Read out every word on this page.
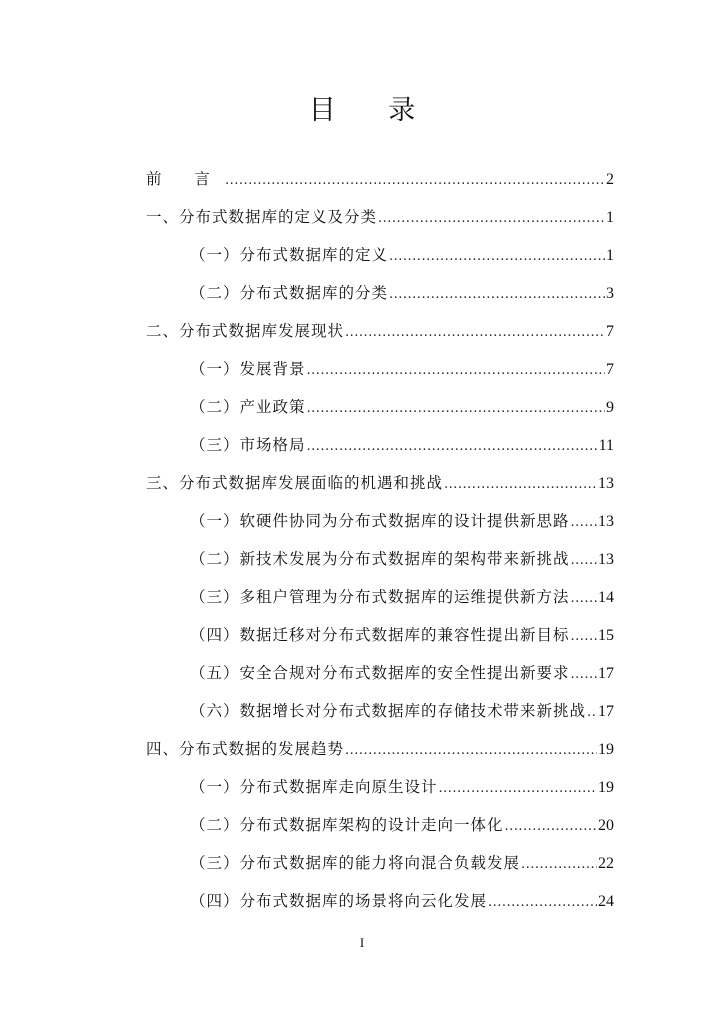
目 录
前 言 .....	2
一、分布式数据库的定义及分类 .....	1
（一）分布式数据库的定义 .....	1
（二）分布式数据库的分类 .....	3
二、分布式数据库发展现状 .....	7
（一）发展背景 .....	7
（二）产业政策 .....	9
（三）市场格局 .....	11
三、分布式数据库发展面临的机遇和挑战 .....	13
（一）软硬件协同为分布式数据库的设计提供新思路 ..... 13
（二）新技术发展为分布式数据库的架构带来新挑战 ..... 13
（三）多租户管理为分布式数据库的运维提供新方法 ..... 14
（四）数据迁移对分布式数据库的兼容性提出新目标 ..... 15
（五）安全合规对分布式数据库的安全性提出新要求 ..... 17
（六）数据增长对分布式数据库的存储技术带来新挑战 ..... 17
四、分布式数据的发展趋势 .....	19
（一）分布式数据库走向原生设计 .....	19
（二）分布式数据库架构的设计走向一体化 .....	20
（三）分布式数据库的能力将向混合负载发展 .....	22
（四）分布式数据库的场景将向云化发展 .....	24
I
